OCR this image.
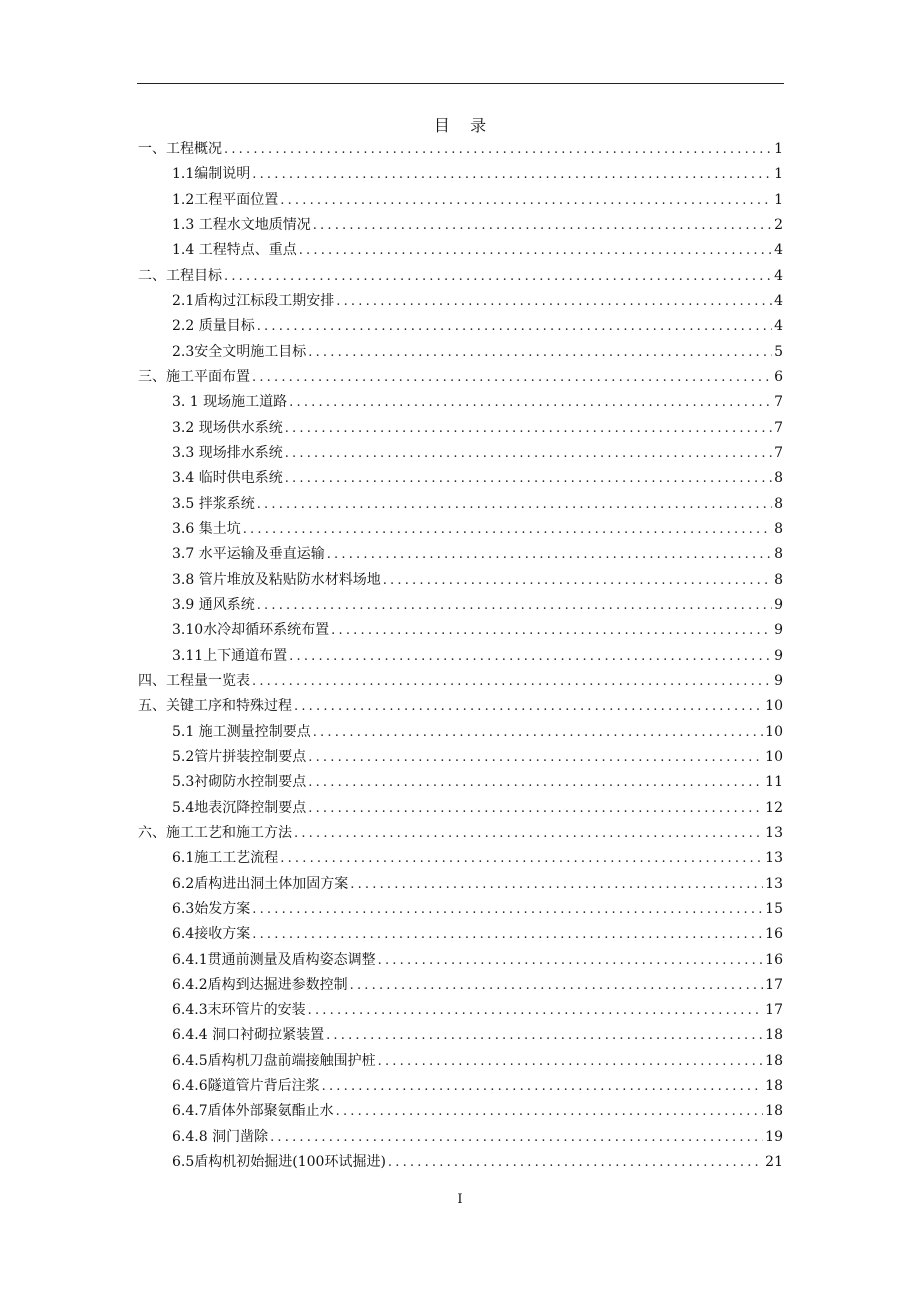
目    录
一、工程概况 .....	1
1.1编制说明 .....	1
1.2工程平面位置 .....	1
1.3 工程水文地质情况 .....	2
1.4 工程特点、重点 .....	4
二、工程目标 .....	4
2.1盾构过江标段工期安排 .....	4
2.2 质量目标 .....	4
2.3安全文明施工目标 .....	5
三、施工平面布置 .....	6
3. 1 现场施工道路 .....	7
3.2 现场供水系统 .....	7
3.3 现场排水系统 .....	7
3.4 临时供电系统 .....	8
3.5 拌浆系统 .....	8
3.6 集土坑 .....	8
3.7 水平运输及垂直运输 .....	8
3.8 管片堆放及粘贴防水材料场地 .....	8
3.9 通风系统 .....	9
3.10水冷却循环系统布置 .....	9
3.11上下通道布置 .....	9
四、工程量一览表 .....	9
五、关键工序和特殊过程 .....	10
5.1 施工测量控制要点 .....	10
5.2管片拼装控制要点 .....	10
5.3衬砌防水控制要点 .....	11
5.4地表沉降控制要点 .....	12
六、施工工艺和施工方法 .....	13
6.1施工工艺流程 .....	13
6.2盾构进出洞土体加固方案 .....	13
6.3始发方案 .....	15
6.4接收方案 .....	16
6.4.1贯通前测量及盾构姿态调整 .....	16
6.4.2盾构到达掘进参数控制 .....	17
6.4.3末环管片的安装 .....	17
6.4.4 洞口衬砌拉紧装置 .....	18
6.4.5盾构机刀盘前端接触围护桩 .....	18
6.4.6隧道管片背后注浆 .....	18
6.4.7盾体外部聚氨酯止水 .....	18
6.4.8 洞门凿除 .....	19
6.5盾构机初始掘进(100环试掘进) .....	21
I
